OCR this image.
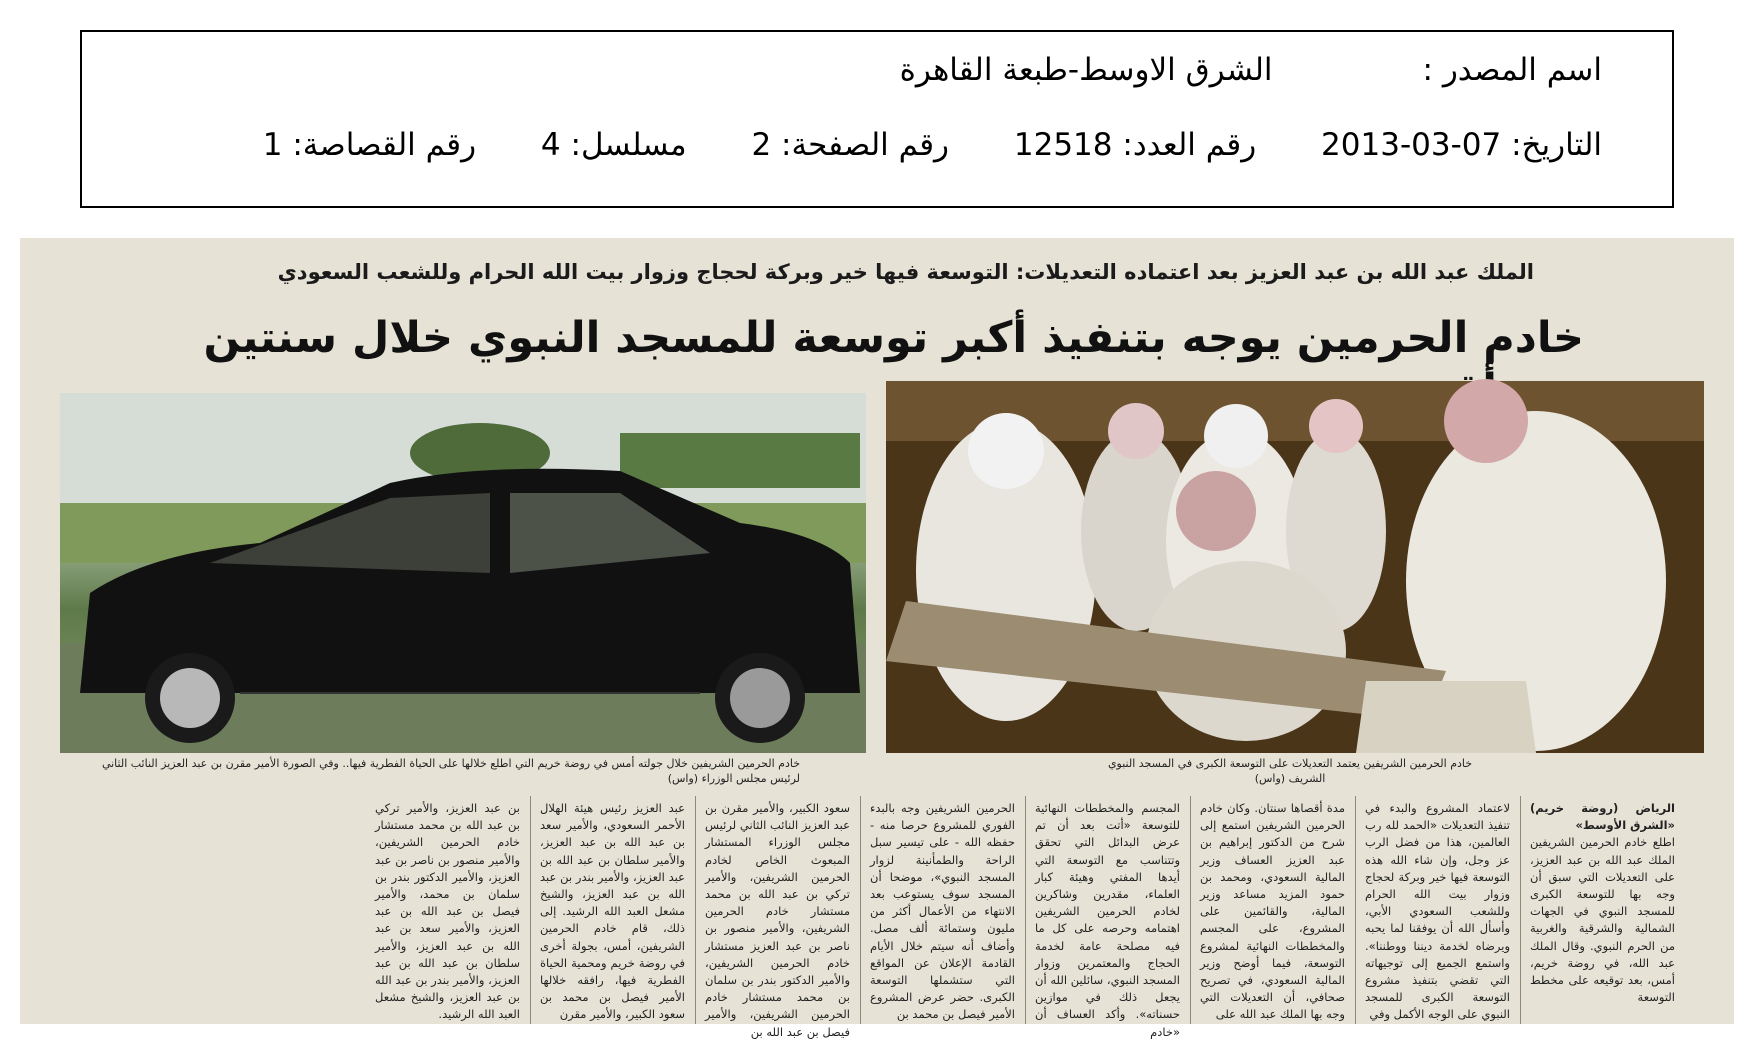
اسم المصدر :الشرق الاوسط-طبعة القاهرة
التاريخ: 07-03-2013 رقم العدد: 12518 رقم الصفحة: 2 مسلسل: 4 رقم القصاصة: 1
الملك عبد الله بن عبد العزيز بعد اعتماده التعديلات: التوسعة فيها خير وبركة لحجاج وزوار بيت الله الحرام وللشعب السعودي
خادم الحرمين يوجه بتنفيذ أكبر توسعة للمسجد النبوي خلال سنتين
خادم الحرمين الشريفين خلال جولته أمس في روضة خريم التي اطلع خلالها على الحياة الفطرية فيها.. وفي الصورة الأمير مقرن بن عبد العزيز النائب الثاني لرئيس مجلس الوزراء (واس)
خادم الحرمين الشريفين يعتمد التعديلات على التوسعة الكبرى في المسجد النبوي الشريف (واس)
الرياض (روضة خريم) «الشرق الأوسط»
اطلع خادم الحرمين الشريفين الملك عبد الله بن عبد العزيز، على التعديلات التي سبق أن وجه بها للتوسعة الكبرى للمسجد النبوي في الجهات الشمالية والشرقية والغربية من الحرم النبوي. وقال الملك عبد الله، في روضة خريم، أمس، بعد توقيعه على مخطط التوسعة
لاعتماد المشروع والبدء في تنفيذ التعديلات «الحمد لله رب العالمين، هذا من فضل الرب عز وجل، وإن شاء الله هذه التوسعة فيها خير وبركة لحجاج وزوار بيت الله الحرام وللشعب السعودي الأبي، وأسأل الله أن يوفقنا لما يحبه ويرضاه لخدمة ديننا ووطننا». واستمع الجميع إلى توجيهاته التي تقضي بتنفيذ مشروع التوسعة الكبرى للمسجد النبوي على الوجه الأكمل وفي
مدة أقصاها سنتان. وكان خادم الحرمين الشريفين استمع إلى شرح من الدكتور إبراهيم بن عبد العزيز العساف وزير المالية السعودي، ومحمد بن حمود المزيد مساعد وزير المالية، والقائمين على المشروع، على المجسم والمخططات النهائية لمشروع التوسعة، فيما أوضح وزير المالية السعودي، في تصريح صحافي، أن التعديلات التي وجه بها الملك عبد الله على
المجسم والمخططات النهائية للتوسعة «أتت بعد أن تم عرض البدائل التي تحقق وتتناسب مع التوسعة التي أيدها المفتي وهيئة كبار العلماء، مقدرين وشاكرين لخادم الحرمين الشريفين اهتمامه وحرصه على كل ما فيه مصلحة عامة لخدمة الحجاج والمعتمرين وزوار المسجد النبوي، سائلين الله أن يجعل ذلك في موازين حسناته». وأكد العساف أن «خادم
الحرمين الشريفين وجه بالبدء الفوري للمشروع حرصا منه - حفظه الله - على تيسير سبل الراحة والطمأنينة لزوار المسجد النبوي»، موضحا أن المسجد سوف يستوعب بعد الانتهاء من الأعمال أكثر من مليون وستمائة ألف مصل. وأضاف أنه سيتم خلال الأيام القادمة الإعلان عن المواقع التي ستشملها التوسعة الكبرى. حضر عرض المشروع الأمير فيصل بن محمد بن
سعود الكبير، والأمير مقرن بن عبد العزيز النائب الثاني لرئيس مجلس الوزراء المستشار المبعوث الخاص لخادم الحرمين الشريفين، والأمير تركي بن عبد الله بن محمد مستشار خادم الحرمين الشريفين، والأمير منصور بن ناصر بن عبد العزيز مستشار خادم الحرمين الشريفين، والأمير الدكتور بندر بن سلمان بن محمد مستشار خادم الحرمين الشريفين، والأمير فيصل بن عبد الله بن
عبد العزيز رئيس هيئة الهلال الأحمر السعودي، والأمير سعد بن عبد الله بن عبد العزيز، والأمير سلطان بن عبد الله بن عبد العزيز، والأمير بندر بن عبد الله بن عبد العزيز، والشيخ مشعل العبد الله الرشيد. إلى ذلك، قام خادم الحرمين الشريفين، أمس، بجولة أخرى في روضة خريم ومحمية الحياة الفطرية فيها، رافقه خلالها الأمير فيصل بن محمد بن سعود الكبير، والأمير مقرن
بن عبد العزيز، والأمير تركي بن عبد الله بن محمد مستشار خادم الحرمين الشريفين، والأمير منصور بن ناصر بن عبد العزيز، والأمير الدكتور بندر بن سلمان بن محمد، والأمير فيصل بن عبد الله بن عبد العزيز، والأمير سعد بن عبد الله بن عبد العزيز، والأمير سلطان بن عبد الله بن عبد العزيز، والأمير بندر بن عبد الله بن عبد العزيز، والشيخ مشعل العبد الله الرشيد.
